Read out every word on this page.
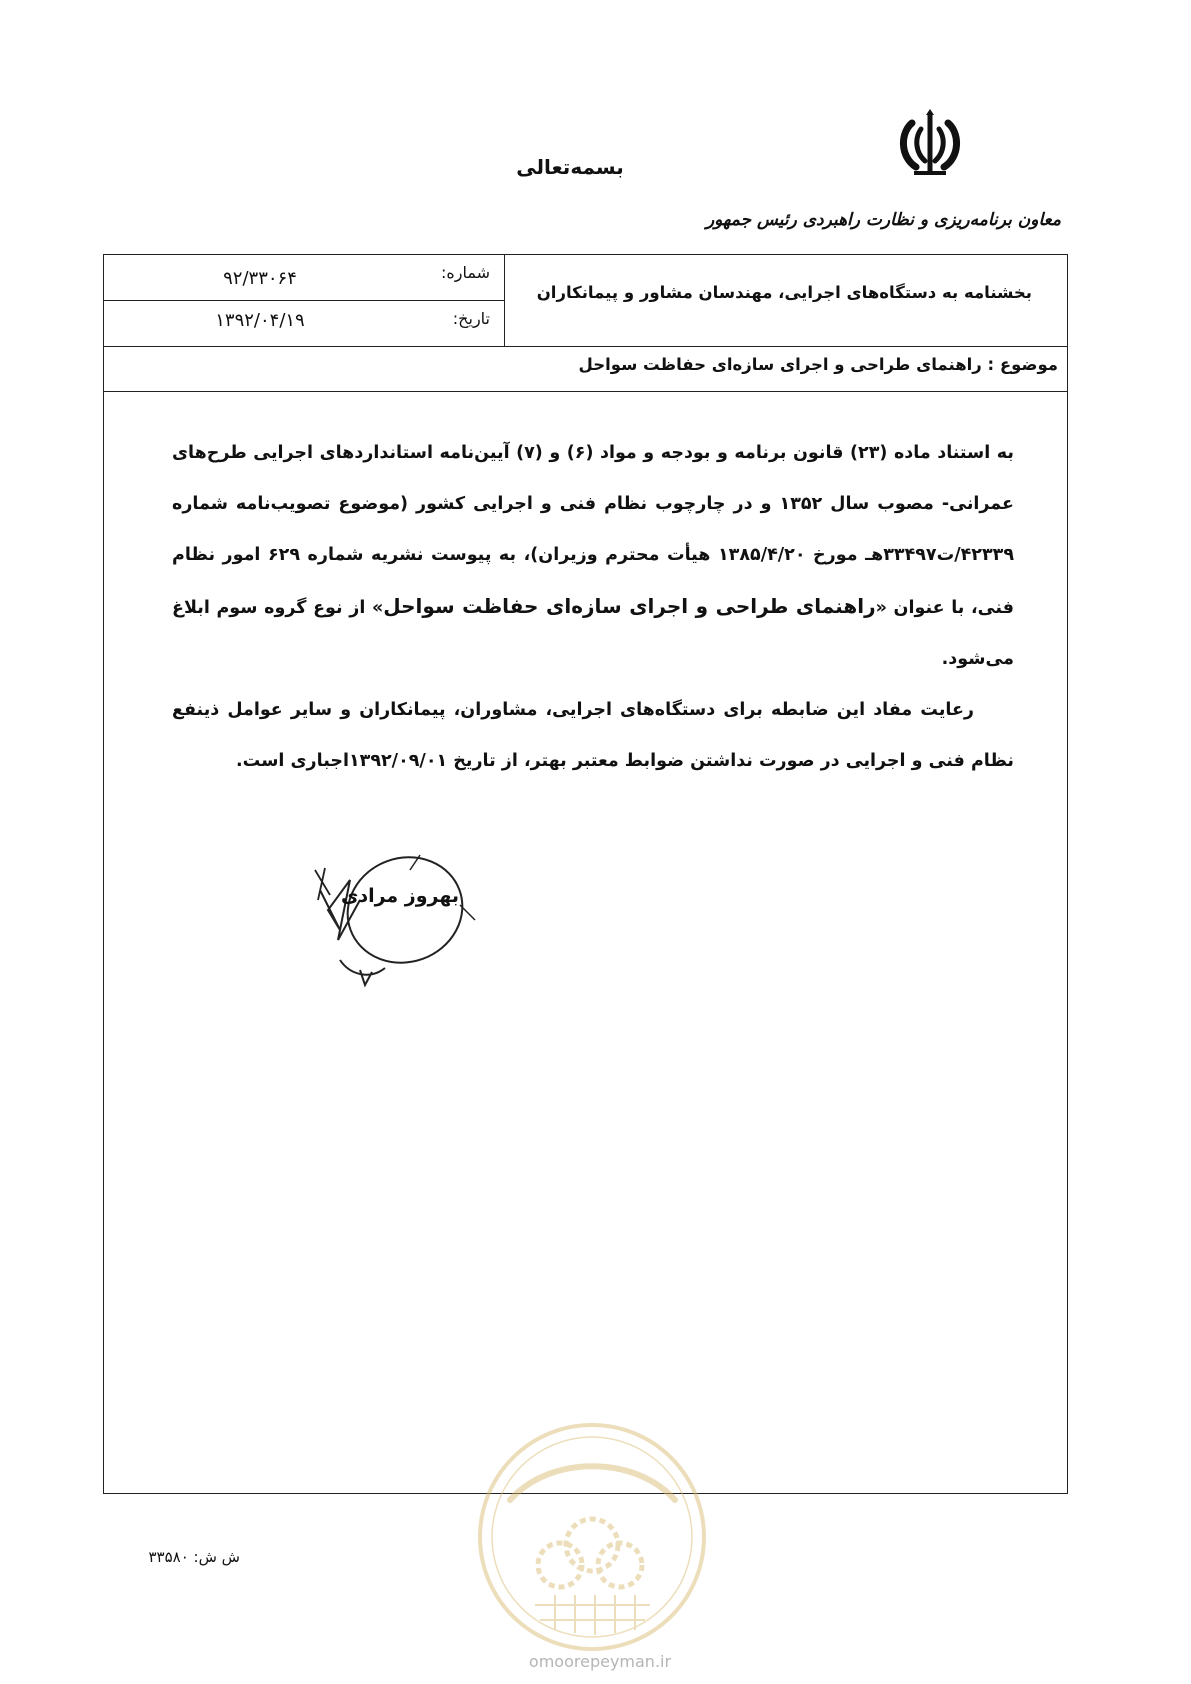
بسمه‌تعالی
معاون برنامه‌ریزی و نظارت راهبردی رئیس جمهور
بخشنامه به دستگاه‌های اجرایی، مهندسان مشاور و پیمانکاران
شماره:
۹۲/۳۳۰۶۴
تاریخ:
۱۳۹۲/۰۴/۱۹
موضوع : راهنمای طراحی و اجرای سازه‌ای حفاظت سواحل

به استناد ماده (۲۳) قانون برنامه و بودجه و مواد (۶) و (۷) آیین‌نامه استانداردهای اجرایی طرح‌های عمرانی- مصوب سال ۱۳۵۲ و در چارچوب نظام فنی و اجرایی کشور (موضوع تصویب‌نامه شماره ۴۲۳۳۹/ت۳۳۴۹۷هـ مورخ ۱۳۸۵/۴/۲۰ هیأت محترم وزیران)، به پیوست نشریه شماره ۶۲۹ امور نظام فنی، با عنوان «راهنمای طراحی و اجرای سازه‌ای حفاظت سواحل» از نوع گروه سوم ابلاغ می‌شود.

رعایت مفاد این ضابطه برای دستگاه‌های اجرایی، مشاوران، پیمانکاران و سایر عوامل ذینفع نظام فنی و اجرایی در صورت نداشتن ضوابط معتبر بهتر، از تاریخ ۱۳۹۲/۰۹/۰۱اجباری است.

بهروز مرادی
ش ش: ۳۳۵۸۰
omoorepeyman.ir
